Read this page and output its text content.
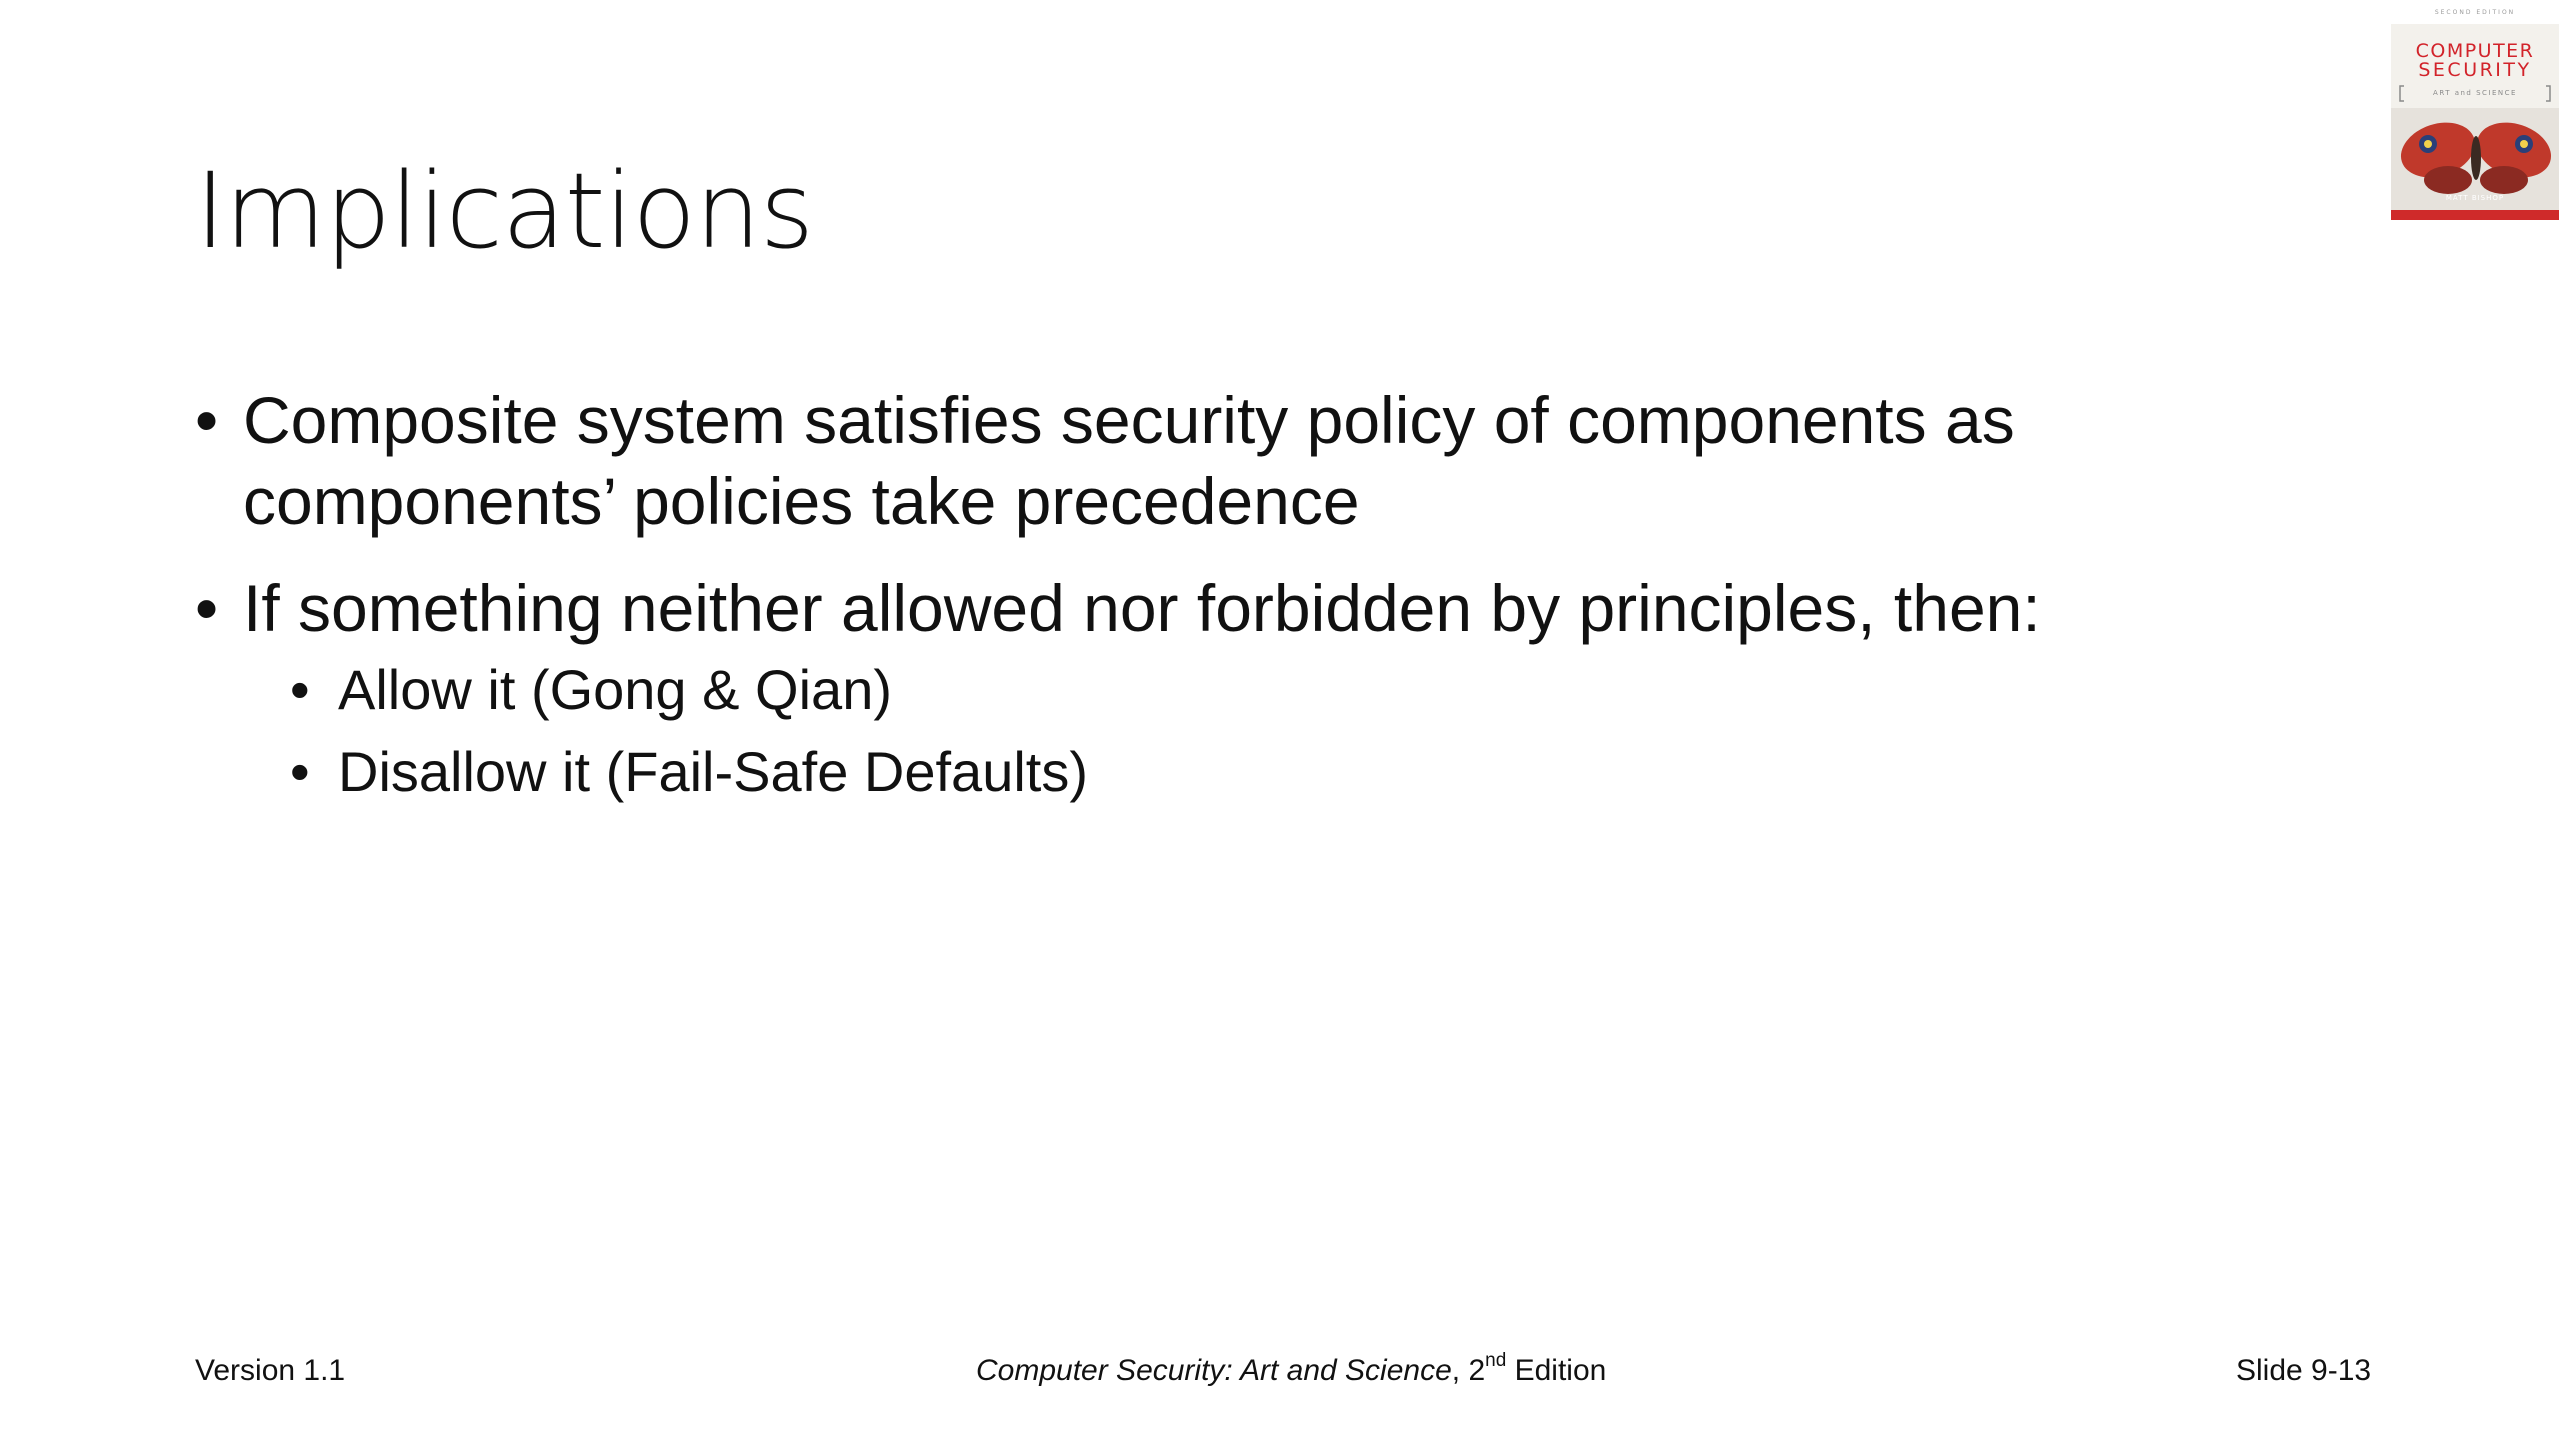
Implications
• Composite system satisfies security policy of components as components’ policies take precedence
• If something neither allowed nor forbidden by principles, then:
• Allow it (Gong & Qian)
• Disallow it (Fail-Safe Defaults)
Version 1.1	Computer Security: Art and Science, 2nd Edition	Slide 9-13
SECOND EDITION
COMPUTER
SECURITY
ART and SCIENCE
MATT BISHOP
